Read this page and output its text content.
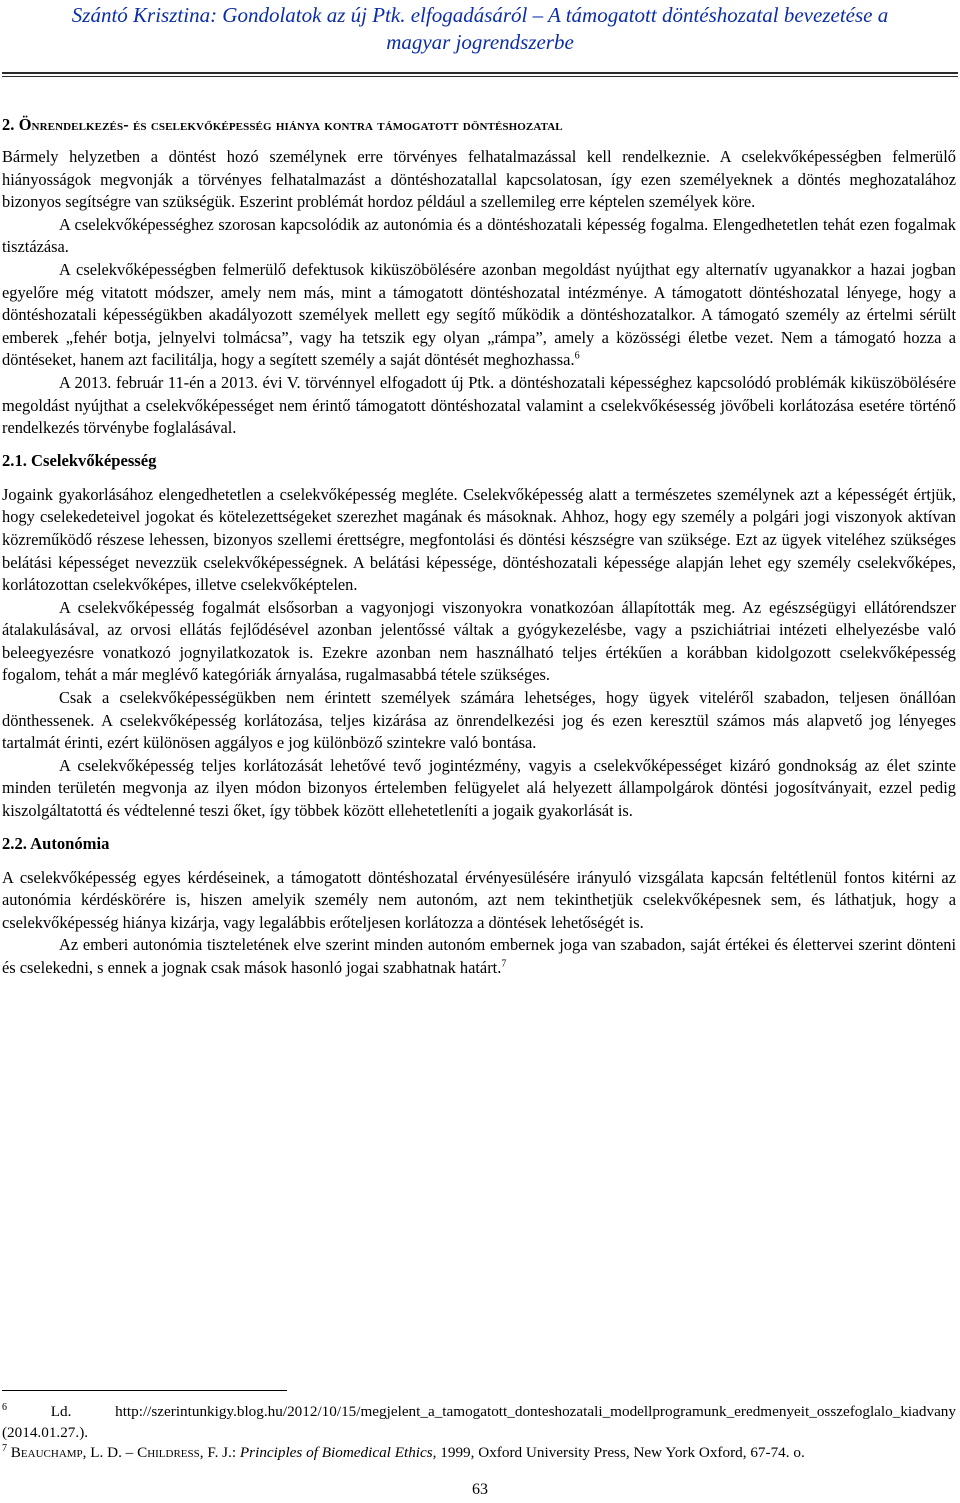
Szántó Krisztina: Gondolatok az új Ptk. elfogadásáról – A támogatott döntéshozatal bevezetése a
magyar jogrendszerbe
2. Önrendelkezés- és cselekvőképesség hiánya kontra támogatott döntéshozatal

Bármely helyzetben a döntést hozó személynek erre törvényes felhatalmazással kell rendelkeznie. A cselekvőképességben felmerülő hiányosságok megvonják a törvényes felhatalmazást a döntéshozatallal kapcsolatosan, így ezen személyeknek a döntés meghozatalához bizonyos segítségre van szükségük. Eszerint problémát hordoz például a szellemileg erre képtelen személyek köre.

A cselekvőképességhez szorosan kapcsolódik az autonómia és a döntéshozatali képesség fogalma. Elengedhetetlen tehát ezen fogalmak tisztázása.

A cselekvőképességben felmerülő defektusok kiküszöbölésére azonban megoldást nyújthat egy alternatív ugyanakkor a hazai jogban egyelőre még vitatott módszer, amely nem más, mint a támogatott döntéshozatal intézménye. A támogatott döntéshozatal lényege, hogy a döntéshozatali képességükben akadályozott személyek mellett egy segítő működik a döntéshozatalkor. A támogató személy az értelmi sérült emberek „fehér botja, jelnyelvi tolmácsa”, vagy ha tetszik egy olyan „rámpa”, amely a közösségi életbe vezet. Nem a támogató hozza a döntéseket, hanem azt facilitálja, hogy a segített személy a saját döntését meghozhassa.$^6$

A 2013. február 11-én a 2013. évi V. törvénnyel elfogadott új Ptk. a döntéshozatali képességhez kapcsolódó problémák kiküszöbölésére megoldást nyújthat a cselekvőképességet nem érintő támogatott döntéshozatal valamint a cselekvőkésesség jövőbeli korlátozása esetére történő rendelkezés törvénybe foglalásával.

2.1. Cselekvőképesség

Jogaink gyakorlásához elengedhetetlen a cselekvőképesség megléte. Cselekvőképesség alatt a természetes személynek azt a képességét értjük, hogy cselekedeteivel jogokat és kötelezettségeket szerezhet magának és másoknak. Ahhoz, hogy egy személy a polgári jogi viszonyok aktívan közreműködő részese lehessen, bizonyos szellemi érettségre, megfontolási és döntési készségre van szüksége. Ezt az ügyek viteléhez szükséges belátási képességet nevezzük cselekvőképességnek. A belátási képessége, döntéshozatali képessége alapján lehet egy személy cselekvőképes, korlátozottan cselekvőképes, illetve cselekvőképtelen.

A cselekvőképesség fogalmát elsősorban a vagyonjogi viszonyokra vonatkozóan állapították meg. Az egészségügyi ellátórendszer átalakulásával, az orvosi ellátás fejlődésével azonban jelentőssé váltak a gyógykezelésbe, vagy a pszichiátriai intézeti elhelyezésbe való beleegyezésre vonatkozó jognyilatkozatok is. Ezekre azonban nem használható teljes értékűen a korábban kidolgozott cselekvőképesség fogalom, tehát a már meglévő kategóriák árnyalása, rugalmasabbá tétele szükséges.

Csak a cselekvőképességükben nem érintett személyek számára lehetséges, hogy ügyek viteléről szabadon, teljesen önállóan dönthessenek. A cselekvőképesség korlátozása, teljes kizárása az önrendelkezési jog és ezen keresztül számos más alapvető jog lényeges tartalmát érinti, ezért különösen aggályos e jog különböző szintekre való bontása.

A cselekvőképesség teljes korlátozását lehetővé tevő jogintézmény, vagyis a cselekvőképességet kizáró gondnokság az élet szinte minden területén megvonja az ilyen módon bizonyos értelemben felügyelet alá helyezett állampolgárok döntési jogosítványait, ezzel pedig kiszolgáltatottá és védtelenné teszi őket, így többek között ellehetetleníti a jogaik gyakorlását is.

2.2. Autonómia

A cselekvőképesség egyes kérdéseinek, a támogatott döntéshozatal érvényesülésére irányuló vizsgálata kapcsán feltétlenül fontos kitérni az autonómia kérdéskörére is, hiszen amelyik személy nem autonóm, azt nem tekinthetjük cselekvőképesnek sem, és láthatjuk, hogy a cselekvőképesség hiánya kizárja, vagy legalábbis erőteljesen korlátozza a döntések lehetőségét is.

Az emberi autonómia tiszteletének elve szerint minden autonóm embernek joga van szabadon, saját értékei és élettervei szerint dönteni és cselekedni, s ennek a jognak csak mások hasonló jogai szabhatnak határt.$^7$

$^6$	Ld. http://szerintunkigy.blog.hu/2012/10/15/megjelent_a_tamogatott_donteshozatali_modellprogramunk_eredmenyeit_osszefoglalo_kiadvany (2014.01.27.).

$^7$ Beauchamp, L. D. – Childress, F. J.: Principles of Biomedical Ethics, 1999, Oxford University Press, New York Oxford, 67-74. o.

63
